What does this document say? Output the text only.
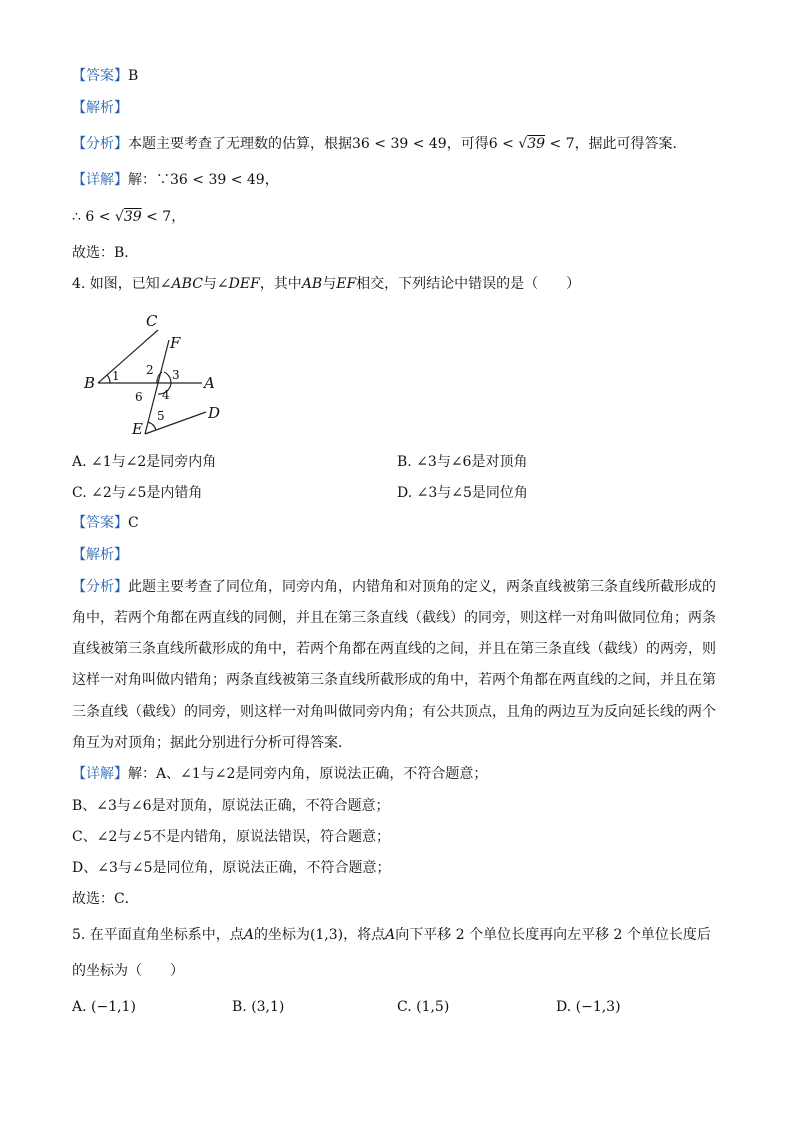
【答案】B
【解析】
【分析】本题主要考查了无理数的估算，根据36 < 39 < 49，可得6 < √39 < 7，据此可得答案．
【详解】解：∵36 < 39 < 49，
∴ 6 < √39 < 7，
故选：B．
4. 如图，已知∠ABC与∠DEF，其中AB与EF相交，下列结论中错误的是（　　）
C
F
B	A
E
D
1 2 3
4
5
6
A. ∠1与∠2是同旁内角	B. ∠3与∠6是对顶角
C. ∠2与∠5是内错角	D. ∠3与∠5是同位角
【答案】C
【解析】
【分析】此题主要考查了同位角，同旁内角，内错角和对顶角的定义，两条直线被第三条直线所截形成的
角中，若两个角都在两直线的同侧，并且在第三条直线（截线）的同旁，则这样一对角叫做同位角；两条
直线被第三条直线所截形成的角中，若两个角都在两直线的之间，并且在第三条直线（截线）的两旁，则
这样一对角叫做内错角；两条直线被第三条直线所截形成的角中，若两个角都在两直线的之间，并且在第
三条直线（截线）的同旁，则这样一对角叫做同旁内角；有公共顶点，且角的两边互为反向延长线的两个
角互为对顶角；据此分别进行分析可得答案．
【详解】解：A、∠1与∠2是同旁内角，原说法正确，不符合题意；
B、∠3与∠6是对顶角，原说法正确，不符合题意；
C、∠2与∠5不是内错角，原说法错误，符合题意；
D、∠3与∠5是同位角，原说法正确，不符合题意；
故选：C．
5. 在平面直角坐标系中，点A的坐标为(1,3)，将点A向下平移 2 个单位长度再向左平移 2 个单位长度后
的坐标为（　　）
A. (−1,1)	B. (3,1)	C. (1,5)	D. (−1,3)
